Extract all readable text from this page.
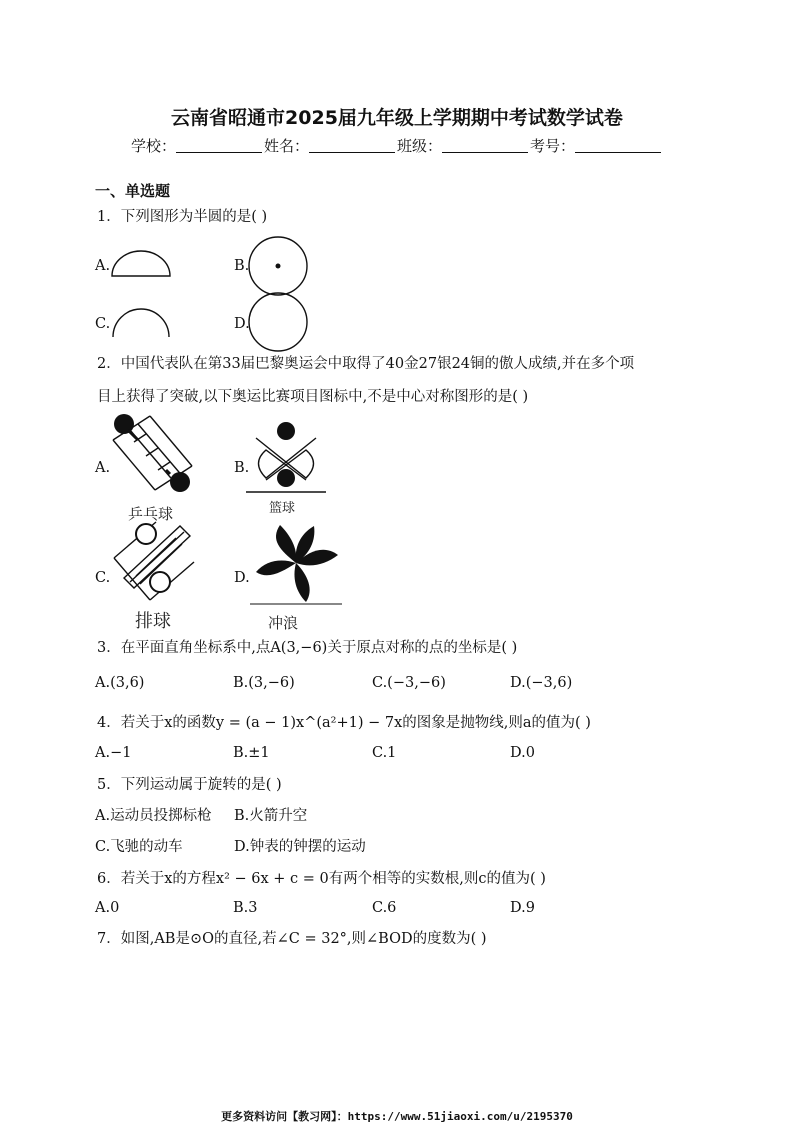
云南省昭通市2025届九年级上学期期中考试数学试卷
学校：	姓名：	班级：	考号：
一、单选题
1．下列图形为半圆的是( )
A.	B.
C.	D.
2．中国代表队在第33届巴黎奥运会中取得了40金27银24铜的傲人成绩,并在多个项
目上获得了突破,以下奥运比赛项目图标中,不是中心对称图形的是( )
A.
乒乓球
B.
篮球
C.
排球
D.
冲浪
3．在平面直角坐标系中,点A(3,−6)关于原点对称的点的坐标是( )
A.(3,6)	B.(3,−6)	C.(−3,−6)	D.(−3,6)
4．若关于x的函数y = (a − 1)x^(a²+1) − 7x的图象是抛物线,则a的值为( )
A.−1	B.±1	C.1	D.0
5．下列运动属于旋转的是( )
A.运动员投掷标枪 B.火箭升空
C.飞驰的动车	D.钟表的钟摆的运动
6．若关于x的方程x² − 6x + c = 0有两个相等的实数根,则c的值为( )
A.0	B.3	C.6	D.9
7．如图,AB是⊙O的直径,若∠C = 32°,则∠BOD的度数为( )
更多资料访问【教习网】：https://www.51jiaoxi.com/u/2195370
